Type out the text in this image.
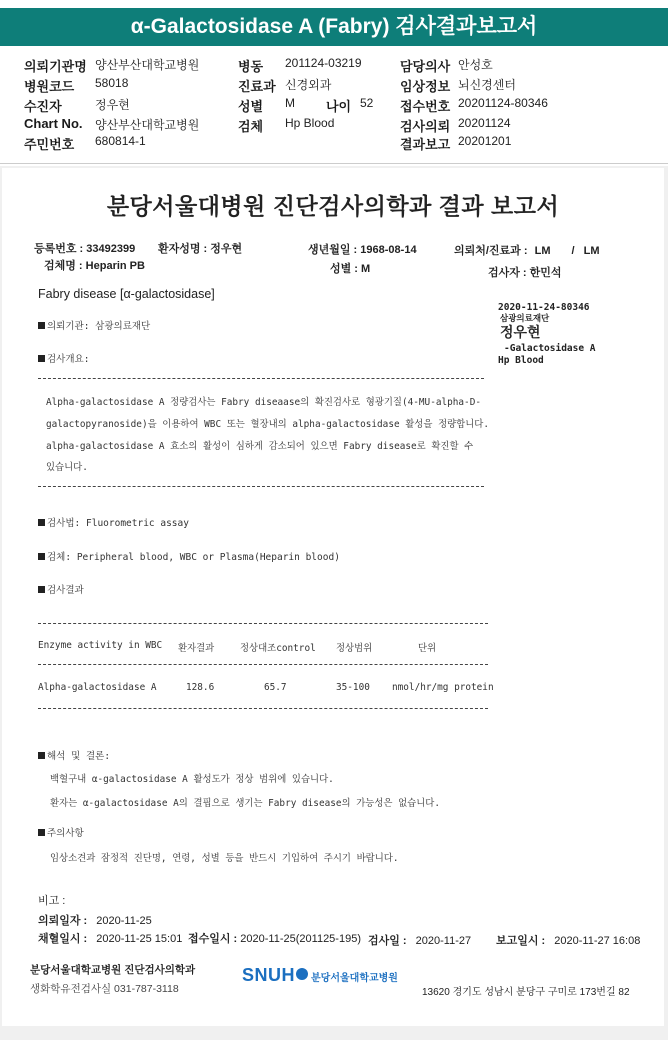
α-Galactosidase A (Fabry) 검사결과보고서
의뢰기관명 양산부산대학교병원	병동 201124-03219	담당의사 안성호
병원코드 58018	진료과 신경외과	임상정보 뇌신경센터
수진자	정우현	성별 M 나이 52 접수번호 20201124-80346
Chart No. 양산부산대학교병원	검체 Hp Blood	검사의뢰 20201124
주민번호 680814-1	결과보고 20201201
분당서울대병원 진단검사의학과 결과 보고서
등록번호 : 33492399 환자성명 : 정우현	생년월일 : 1968-08-14	의뢰처/진료과 : LM / LM
검체명 : Heparin PB	성별 : M	검사자 : 한민석
Fabry disease [α-galactosidase]
2020-11-24-80346
삼광의료재단
정우현
-Galactosidase A
Hp Blood
의뢰기관: 삼광의료재단
검사개요:
Alpha-galactosidase A 정량검사는 Fabry diseaase의 확진검사로 형광기질(4-MU-alpha-D-
galactopyranoside)을 이용하여 WBC 또는 혈장내의 alpha-galactosidase 활성을 정량합니다.
alpha-galactosidase A 효소의 활성이 심하게 감소되어 있으면 Fabry disease로 확진할 수
있습니다.
검사법: Fluorometric assay
검체: Peripheral blood, WBC or Plasma(Heparin blood)
검사결과
Enzyme activity in WBC 환자결과	정상대조control 정상범위	단위
Alpha-galactosidase A	128.6	65.7	35-100 nmol/hr/mg protein
해석 및 결론:
백혈구내 α-galactosidase A 활성도가 정상 범위에 있습니다.
환자는 α-galactosidase A의 결핍으로 생기는 Fabry disease의 가능성은 없습니다.
주의사항
임상소견과 잠정적 진단명, 연령, 성별 등을 반드시 기입하여 주시기 바랍니다.
비고 :
의뢰일자 : 2020-11-25
채혈일시 : 2020-11-25 15:01 접수일시 : 2020-11-25(201125-195) 검사일 : 2020-11-27 보고일시 : 2020-11-27 16:08
분당서울대학교병원 진단검사의학과
생화학유전검사실 031-787-3118
SNUH 분당서울대학교병원
13620 경기도 성남시 분당구 구미로 173번길 82
